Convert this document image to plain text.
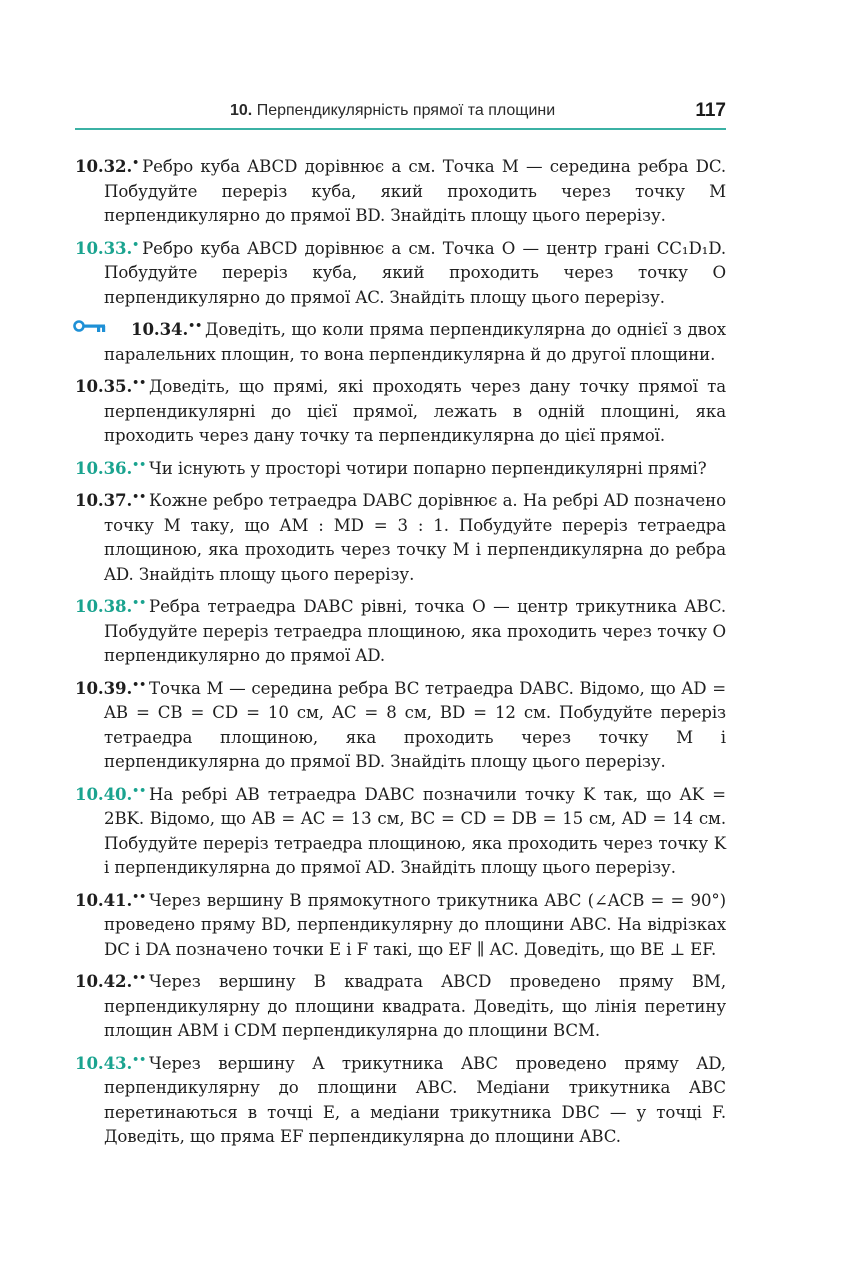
10. Перпендикулярність прямої та площини	117
10.32.• Ребро куба ABCD дорівнює a см. Точка M — середина ребра DC. Побудуйте переріз куба, який проходить через точку M перпендикулярно до прямої BD. Знайдіть площу цього перерізу.
10.33.• Ребро куба ABCD дорівнює a см. Точка O — центр грані CC₁D₁D. Побудуйте переріз куба, який проходить через точку O перпендикулярно до прямої AC. Знайдіть площу цього перерізу.
10.34.•• Доведіть, що коли пряма перпендикулярна до однієї з двох паралельних площин, то вона перпендикулярна й до другої площини.
10.35.•• Доведіть, що прямі, які проходять через дану точку прямої та перпендикулярні до цієї прямої, лежать в одній площині, яка проходить через дану точку та перпендикулярна до цієї прямої.
10.36.•• Чи існують у просторі чотири попарно перпендикулярні прямі?
10.37.•• Кожне ребро тетраедра DABC дорівнює a. На ребрі AD позначено точку M таку, що AM : MD = 3 : 1. Побудуйте переріз тетраедра площиною, яка проходить через точку M і перпендикулярна до ребра AD. Знайдіть площу цього перерізу.
10.38.•• Ребра тетраедра DABC рівні, точка O — центр трикутника ABC. Побудуйте переріз тетраедра площиною, яка проходить через точку O перпендикулярно до прямої AD.
10.39.•• Точка M — середина ребра BC тетраедра DABC. Відомо, що AD = AB = CB = CD = 10 см, AC = 8 см, BD = 12 см. Побудуйте переріз тетраедра площиною, яка проходить через точку M і перпендикулярна до прямої BD. Знайдіть площу цього перерізу.
10.40.•• На ребрі AB тетраедра DABC позначили точку K так, що AK = 2BK. Відомо, що AB = AC = 13 см, BC = CD = DB = 15 см, AD = 14 см. Побудуйте переріз тетраедра площиною, яка проходить через точку K і перпендикулярна до прямої AD. Знайдіть площу цього перерізу.
10.41.•• Через вершину B прямокутного трикутника ABC (∠ACB = = 90°) проведено пряму BD, перпендикулярну до площини ABC. На відрізках DC і DA позначено точки E і F такі, що EF ∥ AC. Доведіть, що BE ⊥ EF.
10.42.•• Через вершину B квадрата ABCD проведено пряму BM, перпендикулярну до площини квадрата. Доведіть, що лінія перетину площин ABM і CDM перпендикулярна до площини BCM.
10.43.•• Через вершину A трикутника ABC проведено пряму AD, перпендикулярну до площини ABC. Медіани трикутника ABC перетинаються в точці E, а медіани трикутника DBC — у точці F. Доведіть, що пряма EF перпендикулярна до площини ABC.
